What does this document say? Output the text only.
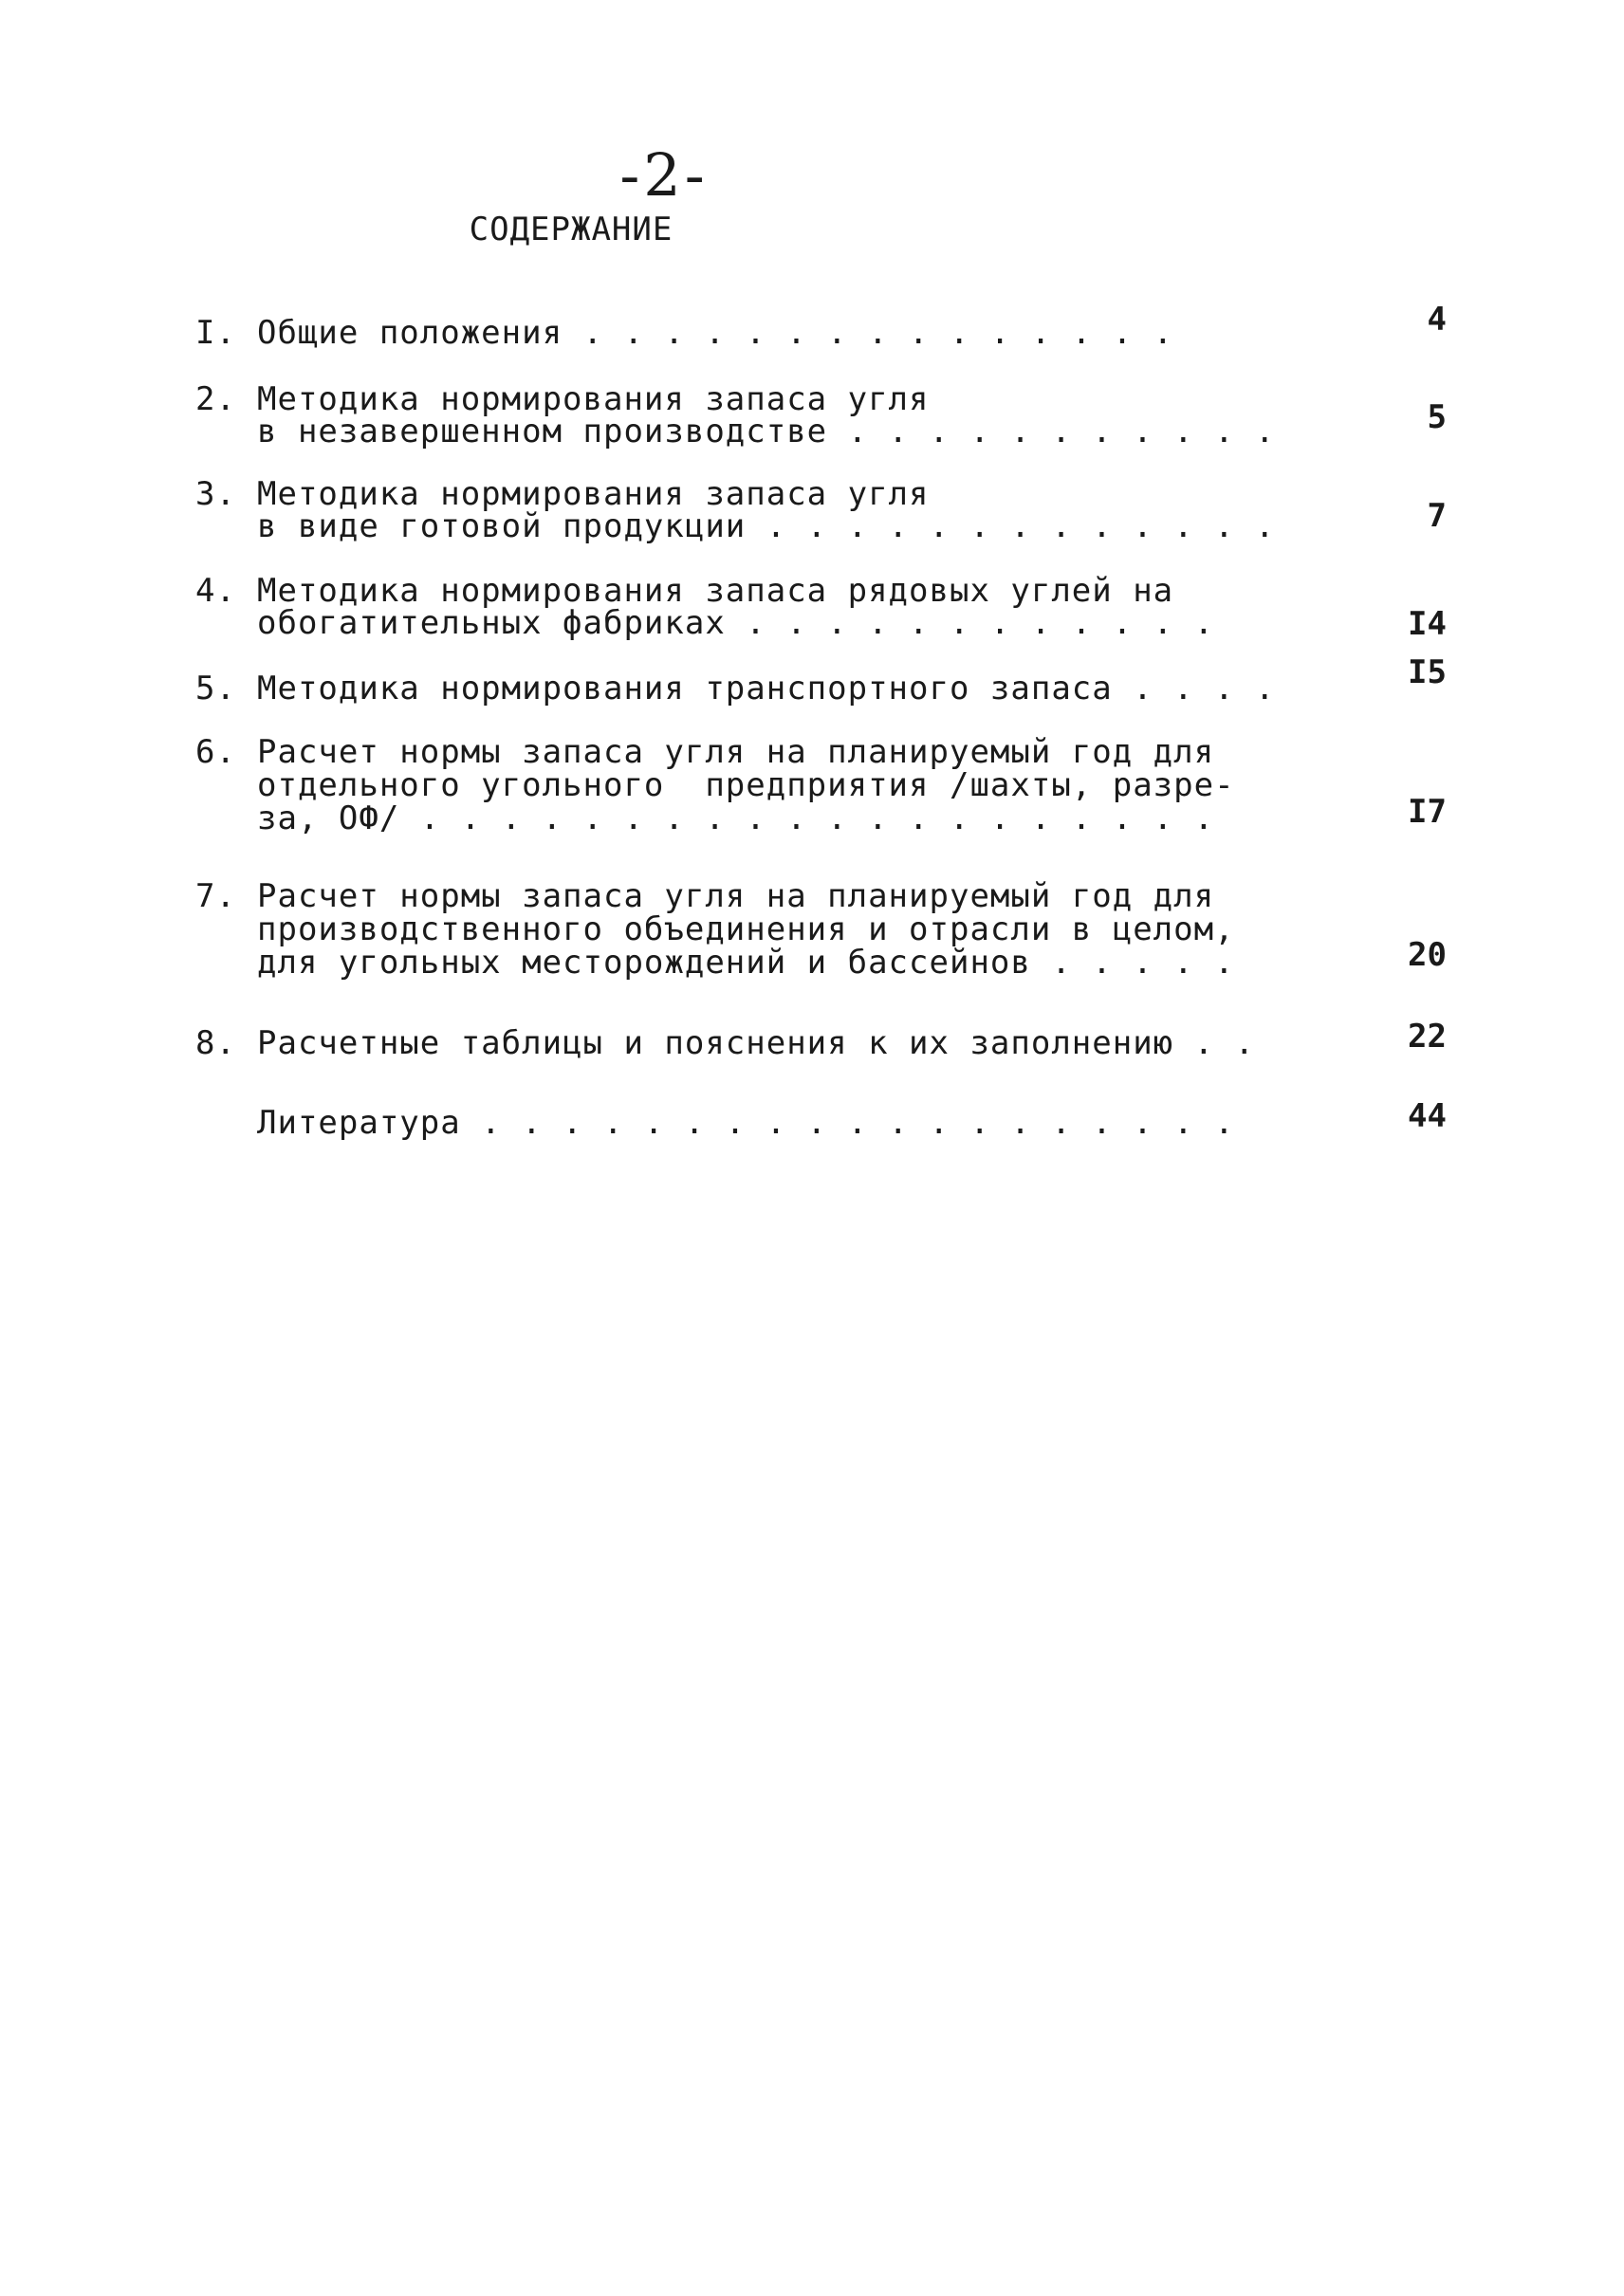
-2-
СОДЕРЖАНИЕ
I. Общие положения . . . . . . . . . . . . . . .	4
2. Методика нормирования запаса угля
в незавершенном производстве . . . . . . . . . . .	5
3. Методика нормирования запаса угля
в виде готовой продукции . . . . . . . . . . . . .	7
4. Методика нормирования запаса рядовых углей на
обогатительных фабриках . . . . . . . . . . . .	I4
5. Методика нормирования транспортного запаса . . . .	I5
6. Расчет нормы запаса угля на планируемый год для
отдельного угольного  предприятия /шахты, разре-
за, ОФ/ . . . . . . . . . . . . . . . . . . . .	I7
7. Расчет нормы запаса угля на планируемый год для
производственного объединения и отрасли в целом,
для угольных месторождений и бассейнов . . . . .	20
8. Расчетные таблицы и пояснения к их заполнению . .	22
Литература . . . . . . . . . . . . . . . . . . .	44
